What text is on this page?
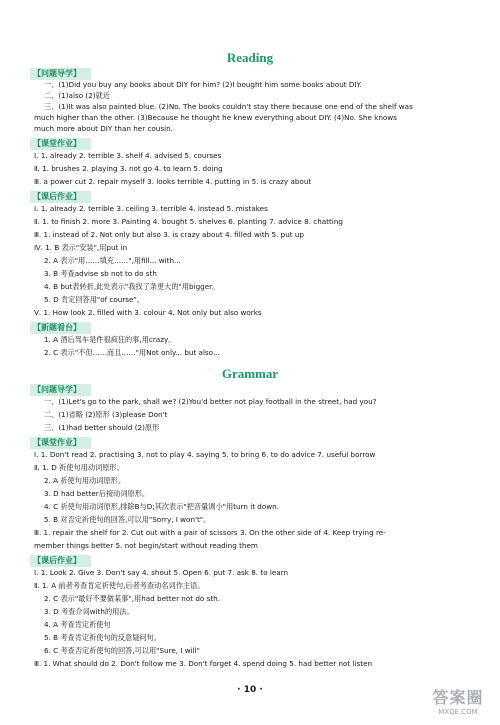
Reading
【问题导学】
一、(1)Did you buy any books about DIY for him? (2)I bought him some books about DIY.
二、(1)also (2)就近
三、(1)It was also painted blue. (2)No. The books couldn't stay there because one end of the shelf was
much higher than the other. (3)Because he thought he knew everything about DIY. (4)No. She knows
much more about DIY than her cousin.
【课堂作业】
Ⅰ. 1. already 2. terrible 3. shelf 4. advised 5. courses
Ⅱ. 1. brushes 2. playing 3. not go 4. to learn 5. doing
Ⅲ. a power cut 2. repair myself 3. looks terrible 4. putting in 5. is crazy about
【课后作业】
Ⅰ. 1. already 2. terrible 3. ceiling 3. terrible 4. instead 5. mistakes
Ⅱ. 1. to finish 2. more 3. Painting 4. bought 5. shelves 6. planting 7. advice 8. chatting
Ⅲ. 1. instead of 2. Not only but also 3. is crazy about 4. filled with 5. put up
Ⅳ. 1. B 表示"安装",用put in
2. A 表示"用……填充……",用fill... with...
3. B 考查advise sb not to do sth
4. B but表转折,此处表示"我找了条更大的"用bigger。
5. D 肯定回答用"of course"。
Ⅴ. 1. How look 2. filled with 3. colour 4. Not only but also works
【新题看台】
1. A 酒后驾车是件很疯狂的事,用crazy。
2. C 表示"不但……而且……"用Not only... but also...
Grammar
【问题导学】
一、(1)Let's go to the park, shall we? (2)You'd better not play football in the street, had you?
二、(1)省略 (2)原形 (3)please Don't
三、(1)had better should (2)原形
【课堂作业】
Ⅰ. 1. Don't read 2. practising 3. not to play 4. saying 5. to bring 6. to do advice 7. useful borrow
Ⅱ. 1. D 祈使句用动词原形。
2. A 祈使句用动词原形。
3. D had better后接动词原形。
4. C 祈使句用动词原形,排除B与D;其次表示"把音量调小"用turn it down.
5. B 对否定祈使句的回答,可以用"Sorry, I won't"。
Ⅲ. 1. repair the shelf for 2. Cut out with a pair of scissors 3. On the other side of 4. Keep trying re-
member things better 5. not begin/start without reading them
【课后作业】
Ⅰ. 1. Look 2. Give 3. Don't say 4. shout 5. Open 6. put 7. ask 8. to learn
Ⅱ. 1. A 前者考查肯定祈使句,后者考查动名词作主语。
2. C 表示"最好不要做某事",用had better not do sth.
3. D 考查介词with的用法。
4. A 考查肯定祈使句
5. B 考查肯定祈使句的反意疑问句。
6. C 考查否定祈使句的回答,可以用"Sure, I will"
Ⅲ. 1. What should do 2. Don't follow me 3. Don't forget 4. spend doing 5. had better not listen
· 10 ·	答案圈
MXQE.COM
